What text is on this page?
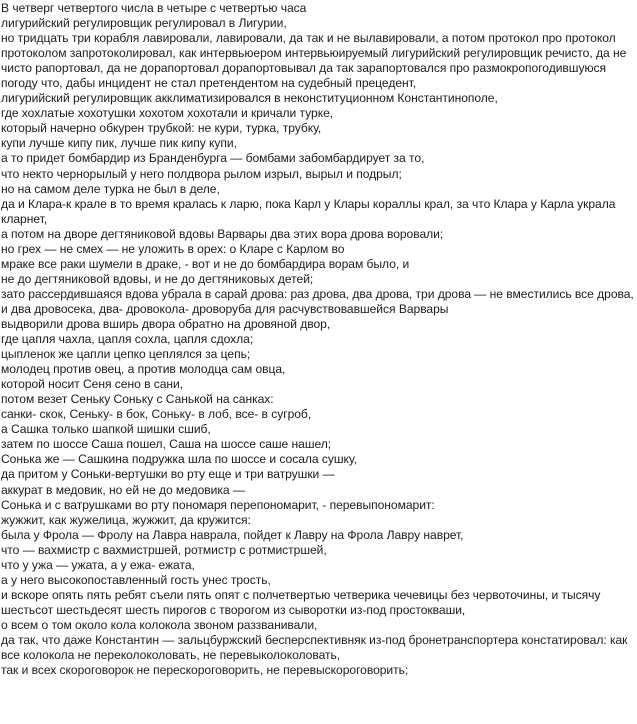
В четверг четвертого числа в четыре с четвертью часа
лигурийский регулировщик регулировал в Лигурии,
но тридцать три корабля лавировали, лавировали, да так и не вылавировали, а потом протокол про протокол протоколом запротоколировал, как интервьюером интервьюируемый лигурийский регулировщик речисто, да не чисто рапортовал, да не дорапортовал дорапортовывал да так зарапортовался про размокропогодившуюся погоду что, дабы инцидент не стал претендентом на судебный прецедент,
лигурийский регулировщик акклиматизировался в неконституционном Константинополе,
где хохлатые хохотушки хохотом хохотали и кричали турке,
который начерно обкурен трубкой: не кури, турка, трубку,
купи лучше кипу пик, лучше пик кипу купи,
а то придет бомбардир из Бранденбурга — бомбами забомбардирует за то,
что некто чернорылый у него полдвора рылом изрыл, вырыл и подрыл;
но на самом деле турка не был в деле,
да и Клара-к крале в то время кралась к ларю, пока Карл у Клары кораллы крал, за что Клара у Карла украла кларнет,
а потом на дворе дегтяниковой вдовы Варвары два этих вора дрова воровали;
но грех — не смех — не уложить в орех: о Кларе с Карлом во
мраке все раки шумели в драке, - вот и не до бомбардира ворам было, и
не до дегтяниковой вдовы, и не до дегтяниковых детей;
зато рассердившаяся вдова убрала в сарай дрова: раз дрова, два дрова, три дрова — не вместились все дрова,
и два дровосека, два- дровокола- дроворуба для расчувствовавшейся Варвары
выдворили дрова вширь двора обратно на дровяной двор,
где цапля чахла, цапля сохла, цапля сдохла;
цыпленок же цапли цепко цеплялся за цепь;
молодец против овец, а против молодца сам овца,
которой носит Сеня сено в сани,
потом везет Сеньку Соньку с Санькой на санках:
санки- скок, Сеньку- в бок, Соньку- в лоб, все- в сугроб,
а Сашка только шапкой шишки сшиб,
затем по шоссе Саша пошел, Саша на шоссе саше нашел;
Сонька же — Сашкина подружка шла по шоссе и сосала сушку,
да притом у Соньки-вертушки во рту еще и три ватрушки —
аккурат в медовик, но ей не до медовика —
Сонька и с ватрушками во рту пономаря перепономарит, - перевыпономарит:
жужжит, как жужелица, жужжит, да кружится:
была у Фрола — Фролу на Лавра наврала, пойдет к Лавру на Фрола Лавру наврет,
что — вахмистр с вахмистршей, ротмистр с ротмистршей,
что у ужа — ужата, а у ежа- ежата,
а у него высокопоставленный гость унес трость,
и вскоре опять пять ребят съели пять опят с полчетвертью четверика чечевицы без червоточины, и тысячу шестьсот шестьдесят шесть пирогов с творогом из сыворотки из-под простокваши,
о всем о том около кола колокола звоном раззванивали,
да так, что даже Константин — зальцбуржский бесперспективняк из-под бронетранспортера констатировал: как все колокола не переколоколовать, не перевыколоколовать,
так и всех скороговорок не перескороговорить, не перевыскороговорить;
